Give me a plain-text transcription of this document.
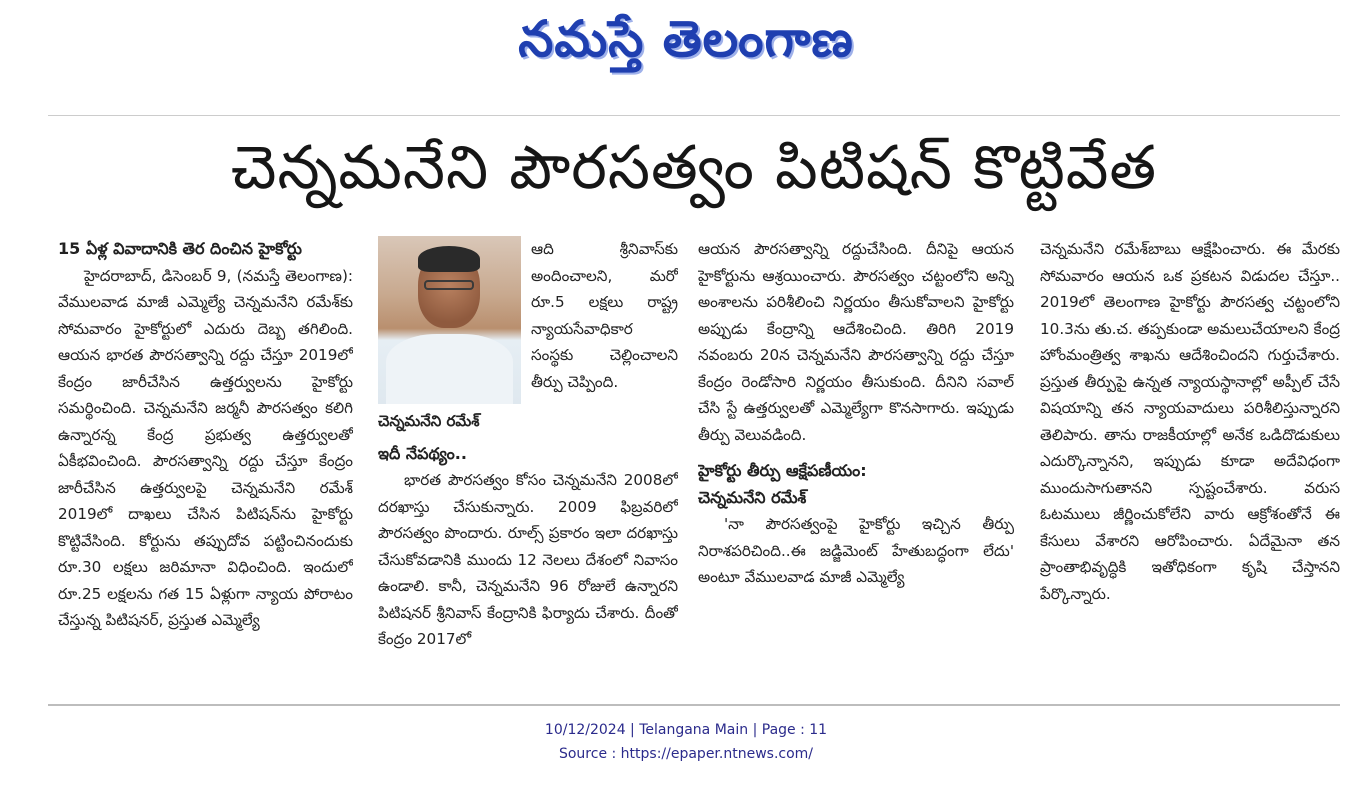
నమస్తే తెలంగాణ
చెన్నమనేని పౌరసత్వం పిటిషన్ కొట్టివేత

15 ఏళ్ల వివాదానికి తెర దించిన హైకోర్టు

హైదరాబాద్, డిసెంబర్ 9, (నమస్తే తెలంగాణ): వేములవాడ మాజీ ఎమ్మెల్యే చెన్నమనేని రమేశ్‌కు సోమవారం హైకోర్టులో ఎదురు దెబ్బ తగిలింది. ఆయన భారత పౌరసత్వాన్ని రద్దు చేస్తూ 2019లో కేంద్రం జారీచేసిన ఉత్తర్వులను హైకోర్టు సమర్థించింది. చెన్నమనేని జర్మనీ పౌరసత్వం కలిగి ఉన్నారన్న కేంద్ర ప్రభుత్వ ఉత్తర్వులతో ఏకీభవించింది. పౌరసత్వాన్ని రద్దు చేస్తూ కేంద్రం జారీచేసిన ఉత్తర్వులపై చెన్నమనేని రమేశ్ 2019లో దాఖలు చేసిన పిటిషన్‌ను హైకోర్టు కొట్టివేసింది. కోర్టును తప్పుదోవ పట్టించినందుకు రూ.30 లక్షలు జరిమానా విధించింది. ఇందులో రూ.25 లక్షలను గత 15 ఏళ్లుగా న్యాయ పోరాటం చేస్తున్న పిటిషనర్, ప్రస్తుత ఎమ్మెల్యే

ఆది శ్రీనివాస్‌కు అందించాలని, మరో రూ.5 లక్షలు రాష్ట్ర న్యాయసేవాధికార సంస్థకు చెల్లించాలని తీర్పు చెప్పింది.

చెన్నమనేని రమేశ్

ఇదీ నేపథ్యం..

భారత పౌరసత్వం కోసం చెన్నమనేని 2008లో దరఖాస్తు చేసుకున్నారు. 2009 ఫిబ్రవరిలో పౌరసత్వం పొందారు. రూల్స్ ప్రకారం ఇలా దరఖాస్తు చేసుకోవడానికి ముందు 12 నెలలు దేశంలో నివాసం ఉండాలి. కానీ, చెన్నమనేని 96 రోజులే ఉన్నారని పిటిషనర్ శ్రీనివాస్ కేంద్రానికి ఫిర్యాదు చేశారు. దీంతో కేంద్రం 2017లో

ఆయన పౌరసత్వాన్ని రద్దుచేసింది. దీనిపై ఆయన హైకోర్టును ఆశ్రయించారు. పౌరసత్వం చట్టంలోని అన్ని అంశాలను పరిశీలించి నిర్ణయం తీసుకోవాలని హైకోర్టు అప్పుడు కేంద్రాన్ని ఆదేశించింది. తిరిగి 2019 నవంబరు 20న చెన్నమనేని పౌరసత్వాన్ని రద్దు చేస్తూ కేంద్రం రెండోసారి నిర్ణయం తీసుకుంది. దీనిని సవాల్ చేసి స్టే ఉత్తర్వులతో ఎమ్మెల్యేగా కొనసాగారు. ఇప్పుడు తీర్పు వెలువడింది.

హైకోర్టు తీర్పు ఆక్షేపణీయం:

చెన్నమనేని రమేశ్

'నా పౌరసత్వంపై హైకోర్టు ఇచ్చిన తీర్పు నిరాశపరిచింది..ఈ జడ్జిమెంట్ హేతుబద్ధంగా లేదు' అంటూ వేములవాడ మాజీ ఎమ్మెల్యే

చెన్నమనేని రమేశ్‌బాబు ఆక్షేపించారు. ఈ మేరకు సోమవారం ఆయన ఒక ప్రకటన విడుదల చేస్తూ.. 2019లో తెలంగాణ హైకోర్టు పౌరసత్వ చట్టంలోని 10.3ను తు.చ. తప్పకుండా అమలుచేయాలని కేంద్ర హోంమంత్రిత్వ శాఖను ఆదేశించిందని గుర్తుచేశారు. ప్రస్తుత తీర్పుపై ఉన్నత న్యాయస్థానాల్లో అప్పీల్ చేసే విషయాన్ని తన న్యాయవాదులు పరిశీలిస్తున్నారని తెలిపారు. తాను రాజకీయాల్లో అనేక ఒడిదొడుకులు ఎదుర్కొన్నానని, ఇప్పుడు కూడా అదేవిధంగా ముందుసాగుతానని స్పష్టంచేశారు. వరుస ఓటములు జీర్ణించుకోలేని వారు ఆక్రోశంతోనే ఈ కేసులు వేశారని ఆరోపించారు. ఏదేమైనా తన ప్రాంతాభివృద్ధికి ఇతోధికంగా కృషి చేస్తానని పేర్కొన్నారు.

10/12/2024 | Telangana Main | Page : 11
Source : https://epaper.ntnews.com/
